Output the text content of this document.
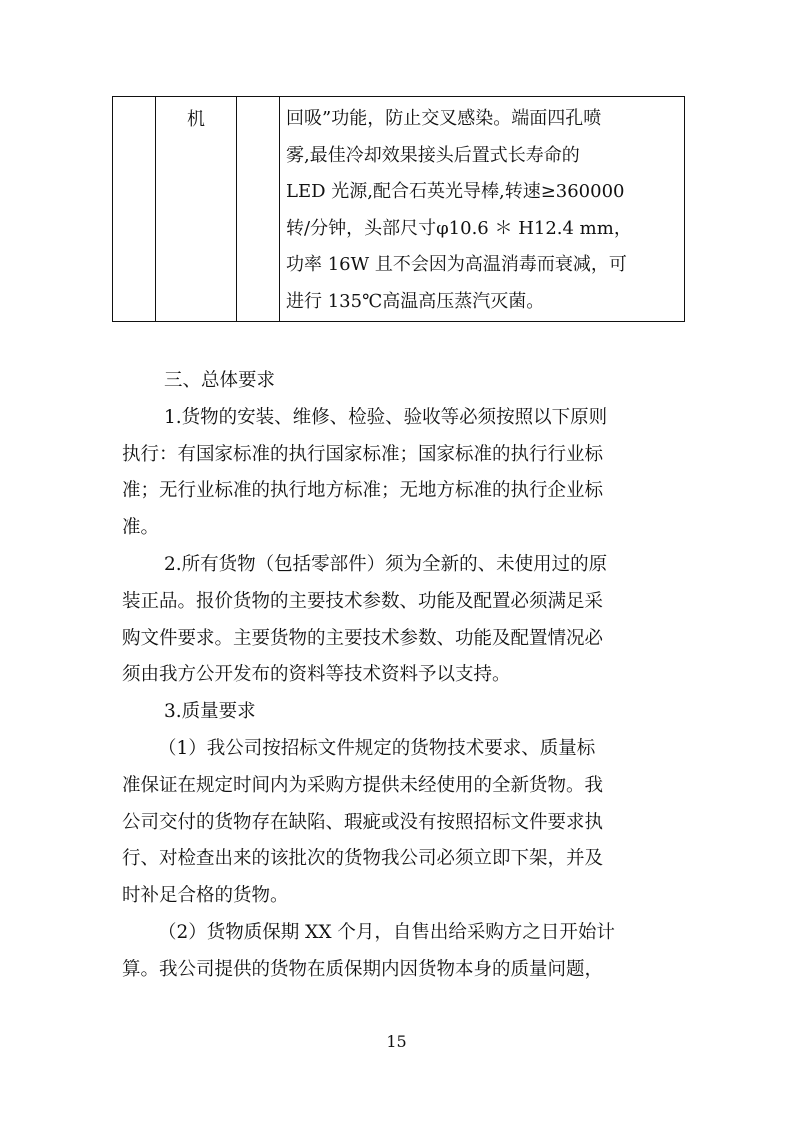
	机		回吸”功能，防止交叉感染。端面四孔喷
雾,最佳冷却效果接头后置式长寿命的
LED 光源,配合石英光导棒,转速≥360000
转/分钟，头部尺寸φ10.6 ＊ H12.4 mm，
功率 16W 且不会因为高温消毒而衰减，可
进行 135℃高温高压蒸汽灭菌。
三、总体要求
1.货物的安装、维修、检验、验收等必须按照以下原则
执行：有国家标准的执行国家标准；国家标准的执行行业标
准；无行业标准的执行地方标准；无地方标准的执行企业标
准。
2.所有货物（包括零部件）须为全新的、未使用过的原
装正品。报价货物的主要技术参数、功能及配置必须满足采
购文件要求。主要货物的主要技术参数、功能及配置情况必
须由我方公开发布的资料等技术资料予以支持。
3.质量要求
（1）我公司按招标文件规定的货物技术要求、质量标
准保证在规定时间内为采购方提供未经使用的全新货物。我
公司交付的货物存在缺陷、瑕疵或没有按照招标文件要求执
行、对检查出来的该批次的货物我公司必须立即下架，并及
时补足合格的货物。
（2）货物质保期 XX 个月，自售出给采购方之日开始计
算。我公司提供的货物在质保期内因货物本身的质量问题，
15
